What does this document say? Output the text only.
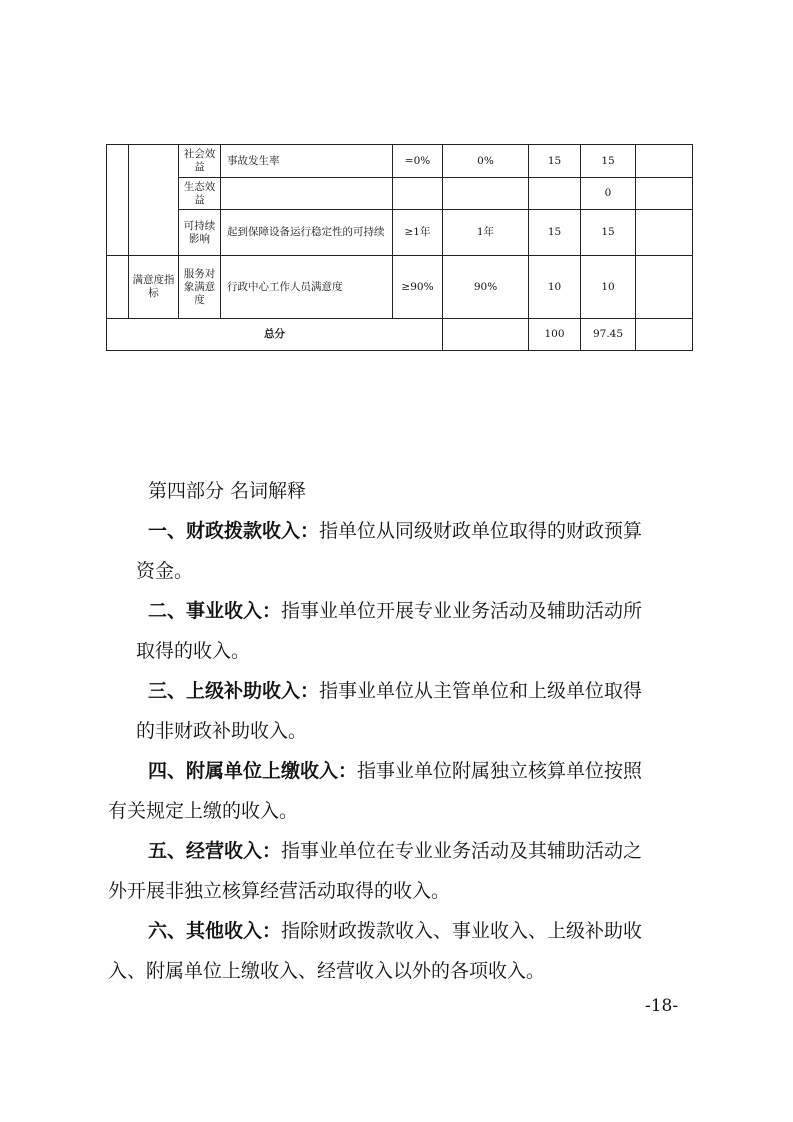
		社会效益	事故发生率	=0%	0%	15	15	
		生态效益					0	
		可持续影响	起到保障设备运行稳定性的可持续	≥1年	1年	15	15	
	满意度指标	服务对象满意度	行政中心工作人员满意度	≥90%	90%	10	10	
总分						100	97.45	
第四部分 名词解释
一、财政拨款收入：指单位从同级财政单位取得的财政预算
资金。
二、事业收入：指事业单位开展专业业务活动及辅助活动所
取得的收入。
三、上级补助收入：指事业单位从主管单位和上级单位取得
的非财政补助收入。
四、附属单位上缴收入：指事业单位附属独立核算单位按照
有关规定上缴的收入。
五、经营收入：指事业单位在专业业务活动及其辅助活动之
外开展非独立核算经营活动取得的收入。
六、其他收入：指除财政拨款收入、事业收入、上级补助收
入、附属单位上缴收入、经营收入以外的各项收入。
-18-
